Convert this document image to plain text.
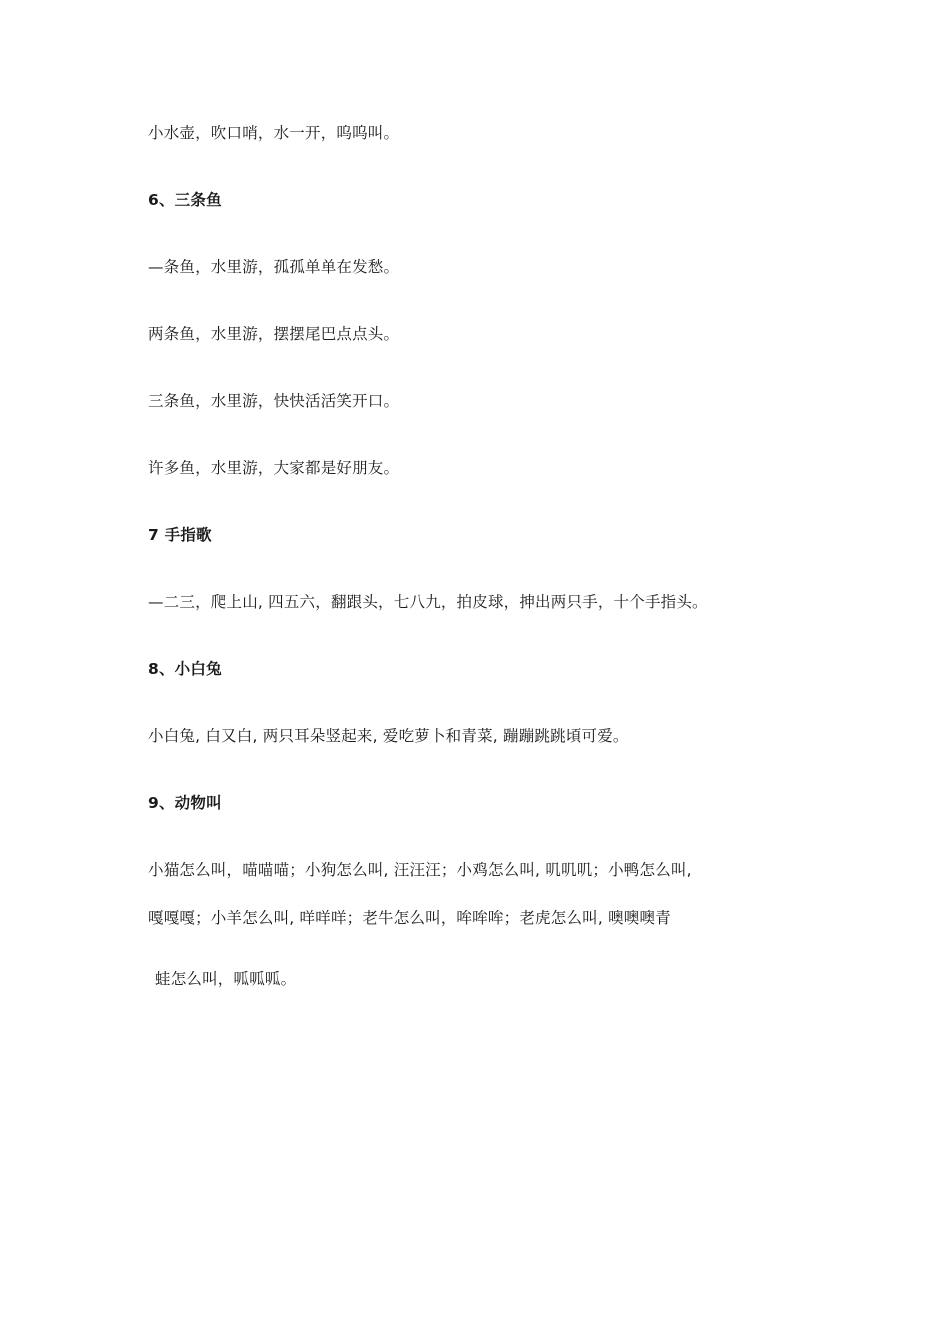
小水壶，吹口哨，水一开，呜呜叫。
6、三条鱼
—条鱼，水里游，孤孤单单在发愁。
两条鱼，水里游，摆摆尾巴点点头。
三条鱼，水里游，快快活活笑开口。
许多鱼，水里游，大家都是好朋友。
7 手指歌
—二三，爬上山, 四五六，翻跟头，七八九，拍皮球，抻出两只手，十个手指头。
8、小白兔
小白兔, 白又白, 两只耳朵竖起来, 爱吃萝卜和青菜, 蹦蹦跳跳頃可爱。
9、动物叫
小猫怎么叫，喵喵喵；小狗怎么叫, 汪汪汪；小鸡怎么叫, 叽叽叽；小鸭怎么叫,
嘎嘎嘎；小羊怎么叫, 咩咩咩；老牛怎么叫，哞哞哞；老虎怎么叫, 噢噢噢青
蛙怎么叫，呱呱呱。
